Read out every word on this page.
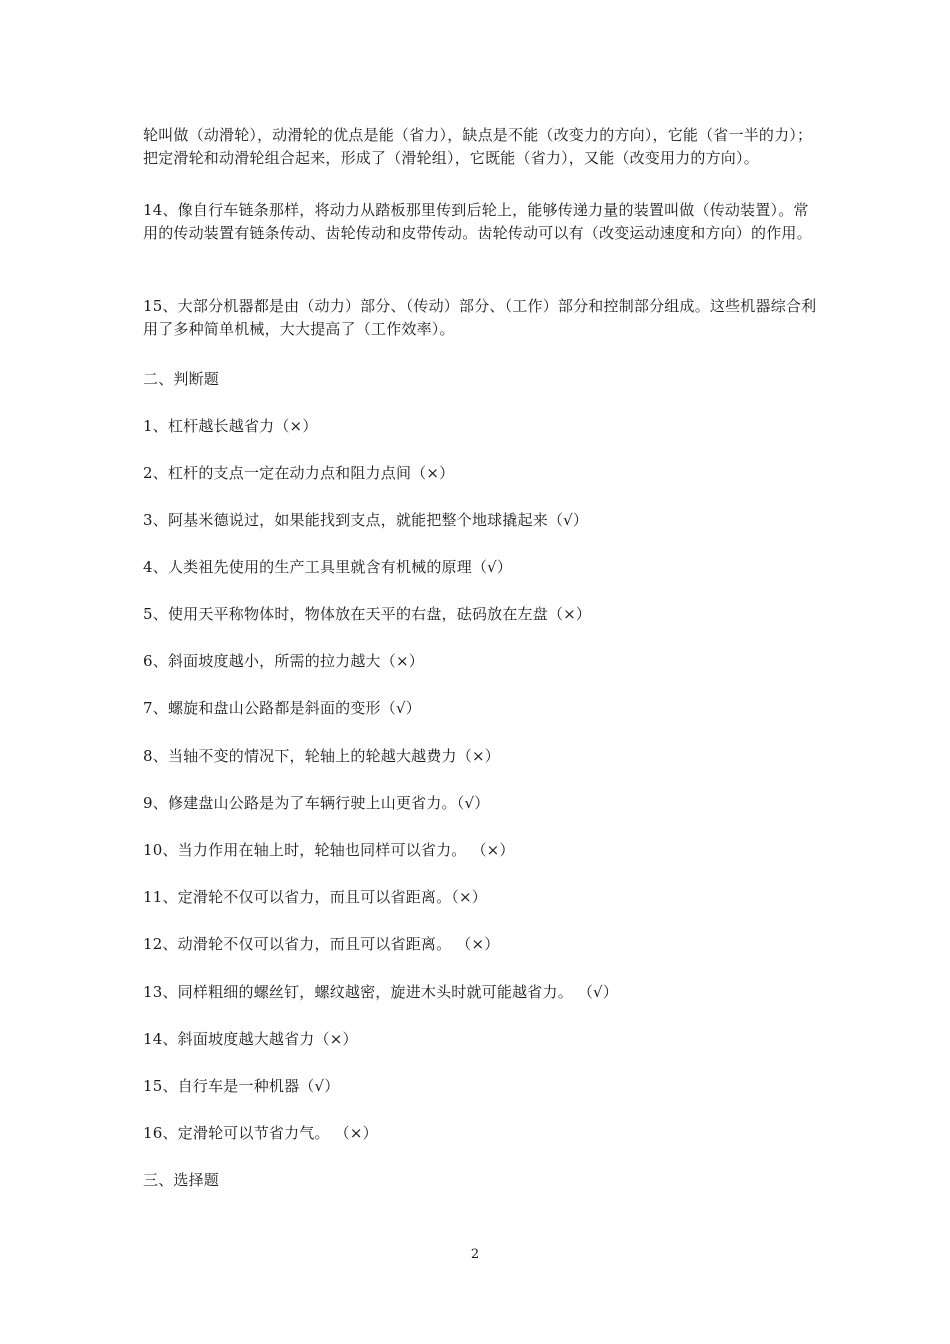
轮叫做（动滑轮），动滑轮的优点是能（省力），缺点是不能（改变力的方向），它能（省一半的力）；把定滑轮和动滑轮组合起来，形成了（滑轮组），它既能（省力），又能（改变用力的方向）。

14、像自行车链条那样，将动力从踏板那里传到后轮上，能够传递力量的装置叫做（传动装置）。常用的传动装置有链条传动、齿轮传动和皮带传动。齿轮传动可以有（改变运动速度和方向）的作用。

15、大部分机器都是由（动力）部分、（传动）部分、（工作）部分和控制部分组成。这些机器综合利用了多种简单机械，大大提高了（工作效率）。

二、判断题
1、杠杆越长越省力（×）
2、杠杆的支点一定在动力点和阻力点间（×）
3、阿基米德说过，如果能找到支点，就能把整个地球撬起来（√）
4、人类祖先使用的生产工具里就含有机械的原理（√）
5、使用天平称物体时，物体放在天平的右盘，砝码放在左盘（×）
6、斜面坡度越小，所需的拉力越大（×）
7、螺旋和盘山公路都是斜面的变形（√）
8、当轴不变的情况下，轮轴上的轮越大越费力（×）
9、修建盘山公路是为了车辆行驶上山更省力。（√）
10、当力作用在轴上时，轮轴也同样可以省力。 （×）
11、定滑轮不仅可以省力，而且可以省距离。（×）
12、动滑轮不仅可以省力，而且可以省距离。 （×）
13、同样粗细的螺丝钉，螺纹越密，旋进木头时就可能越省力。 （√）
14、斜面坡度越大越省力（×）
15、自行车是一种机器（√）
16、定滑轮可以节省力气。 （×）
三、选择题
2
